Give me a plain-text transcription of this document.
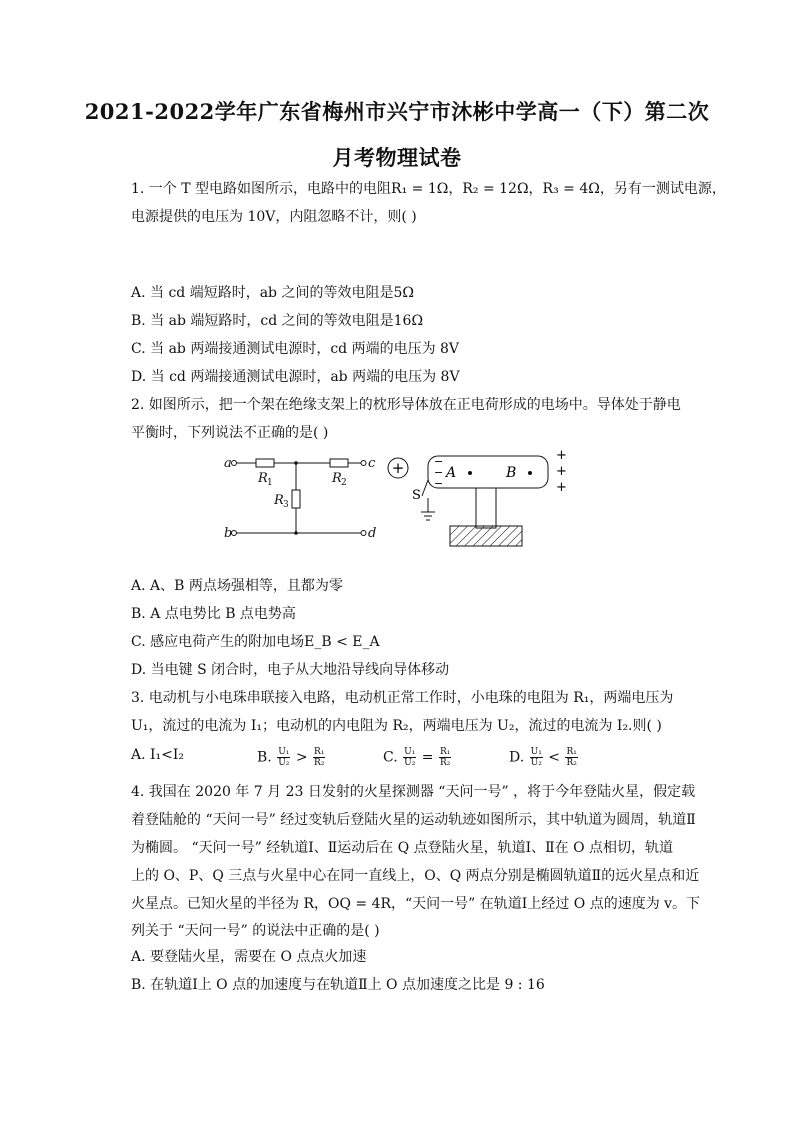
2021-2022学年广东省梅州市兴宁市沐彬中学高一（下）第二次
月考物理试卷
1. 一个 T 型电路如图所示，电路中的电阻R₁ = 1Ω，R₂ = 12Ω，R₃ = 4Ω，另有一测试电源，
电源提供的电压为 10V，内阻忽略不计，则( )
A. 当 cd 端短路时，ab 之间的等效电阻是5Ω
B. 当 ab 端短路时，cd 之间的等效电阻是16Ω
C. 当 ab 两端接通测试电源时，cd 两端的电压为 8V
D. 当 cd 两端接通测试电源时，ab 两端的电压为 8V
2. 如图所示，把一个架在绝缘支架上的枕形导体放在正电荷形成的电场中。导体处于静电
平衡时，下列说法不正确的是( )
a	c
b	d
R	R
R
1	2
3
+	−
−
−
A	B
+
+
+
S
A. A、B 两点场强相等，且都为零
B. A 点电势比 B 点电势高
C. 感应电荷产生的附加电场E_B < E_A
D. 当电键 S 闭合时，电子从大地沿导线向导体移动
3. 电动机与小电珠串联接入电路，电动机正常工作时，小电珠的电阻为 R₁，两端电压为
U₁，流过的电流为 I₁；电动机的内电阻为 R₂，两端电压为 U₂，流过的电流为 I₂.则( )
A. I₁<I₂	B. $\frac{\text{U₁}}{\text{U₂}} > \frac{\text{R₁}}{\text{R₂}}$	C. $\frac{\text{U₁}}{\text{U₂}} = \frac{\text{R₁}}{\text{R₂}}$	D. $\frac{\text{U₁}}{\text{U₂}} < \frac{\text{R₁}}{\text{R₂}}$
4. 我国在 2020 年 7 月 23 日发射的火星探测器 “天问一号” ，将于今年登陆火星，假定载
着登陆舱的 “天问一号” 经过变轨后登陆火星的运动轨迹如图所示，其中轨道为圆周，轨道Ⅱ
为椭圆。 “天问一号” 经轨道Ⅰ、Ⅱ运动后在 Q 点登陆火星，轨道Ⅰ、Ⅱ在 O 点相切，轨道
上的 O、P、Q 三点与火星中心在同一直线上，O、Q 两点分别是椭圆轨道Ⅱ的远火星点和近
火星点。已知火星的半径为 R，OQ = 4R，“天问一号” 在轨道Ⅰ上经过 O 点的速度为 v。下
列关于 “天问一号” 的说法中正确的是( )
A. 要登陆火星，需要在 O 点点火加速
B. 在轨道Ⅰ上 O 点的加速度与在轨道Ⅱ上 O 点加速度之比是 9 : 16
